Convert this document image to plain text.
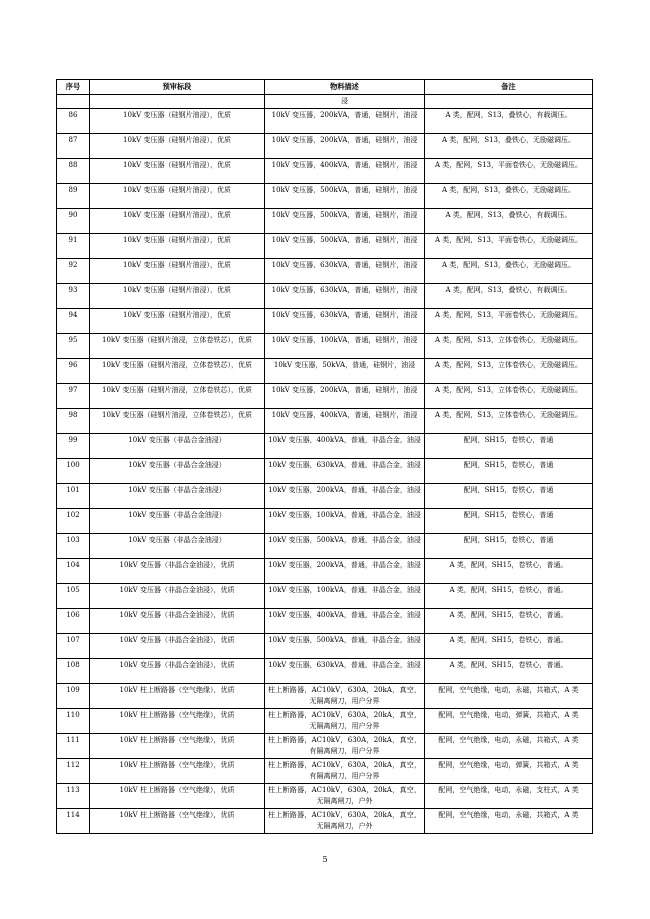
序号	预审标段	物料描述	备注
		浸	
86	10kV 变压器（硅钢片油浸），优质	10kV 变压器，200kVA，普通，硅钢片，油浸	A 类，配网，S13，叠铁心，有载调压。
87	10kV 变压器（硅钢片油浸），优质	10kV 变压器，200kVA，普通，硅钢片，油浸	A 类，配网，S13，叠铁心，无励磁调压。
88	10kV 变压器（硅钢片油浸），优质	10kV 变压器，400kVA，普通，硅钢片，油浸	A 类，配网，S13，平面卷铁心，无励磁调压。
89	10kV 变压器（硅钢片油浸），优质	10kV 变压器，500kVA，普通，硅钢片，油浸	A 类，配网，S13，叠铁心，无励磁调压。
90	10kV 变压器（硅钢片油浸），优质	10kV 变压器，500kVA，普通，硅钢片，油浸	A 类，配网，S13，叠铁心，有载调压。
91	10kV 变压器（硅钢片油浸），优质	10kV 变压器，500kVA，普通，硅钢片，油浸	A 类，配网，S13，平面卷铁心，无励磁调压。
92	10kV 变压器（硅钢片油浸），优质	10kV 变压器，630kVA，普通，硅钢片，油浸	A 类，配网，S13，叠铁心，无励磁调压。
93	10kV 变压器（硅钢片油浸），优质	10kV 变压器，630kVA，普通，硅钢片，油浸	A 类，配网，S13，叠铁心，有载调压。
94	10kV 变压器（硅钢片油浸），优质	10kV 变压器，630kVA，普通，硅钢片，油浸	A 类，配网，S13，平面卷铁心，无励磁调压。
95	10kV 变压器（硅钢片油浸，立体卷铁芯），优质	10kV 变压器，100kVA，普通，硅钢片，油浸	A 类，配网，S13，立体卷铁心，无励磁调压。
96	10kV 变压器（硅钢片油浸，立体卷铁芯），优质	10kV 变压器，50kVA，普通，硅钢片，油浸	A 类，配网，S13，立体卷铁心，无励磁调压。
97	10kV 变压器（硅钢片油浸，立体卷铁芯），优质	10kV 变压器，200kVA，普通，硅钢片，油浸	A 类，配网，S13，立体卷铁心，无励磁调压。
98	10kV 变压器（硅钢片油浸，立体卷铁芯），优质	10kV 变压器，400kVA，普通，硅钢片，油浸	A 类，配网，S13，立体卷铁心，无励磁调压。
99	10kV 变压器（非晶合金油浸）	10kV 变压器，400kVA，普通，非晶合金，油浸	配网，SH15，卷铁心，普通
100	10kV 变压器（非晶合金油浸）	10kV 变压器，630kVA，普通，非晶合金，油浸	配网，SH15，卷铁心，普通
101	10kV 变压器（非晶合金油浸）	10kV 变压器，200kVA，普通，非晶合金，油浸	配网，SH15，卷铁心，普通
102	10kV 变压器（非晶合金油浸）	10kV 变压器，100kVA，普通，非晶合金，油浸	配网，SH15，卷铁心，普通
103	10kV 变压器（非晶合金油浸）	10kV 变压器，500kVA，普通，非晶合金，油浸	配网，SH15，卷铁心，普通
104	10kV 变压器（非晶合金油浸），优质	10kV 变压器，200kVA，普通，非晶合金，油浸	A 类，配网，SH15，卷铁心，普通。
105	10kV 变压器（非晶合金油浸），优质	10kV 变压器，100kVA，普通，非晶合金，油浸	A 类，配网，SH15，卷铁心，普通。
106	10kV 变压器（非晶合金油浸），优质	10kV 变压器，400kVA，普通，非晶合金，油浸	A 类，配网，SH15，卷铁心，普通。
107	10kV 变压器（非晶合金油浸），优质	10kV 变压器，500kVA，普通，非晶合金，油浸	A 类，配网，SH15，卷铁心，普通。
108	10kV 变压器（非晶合金油浸），优质	10kV 变压器，630kVA，普通，非晶合金，油浸	A 类，配网，SH15，卷铁心，普通。
109	10kV 柱上断路器（空气绝缘），优质	柱上断路器，AC10kV，630A，20kA，真空，无隔离闸刀，用户分界	配网，空气绝缘，电动，永磁，共箱式，A 类
110	10kV 柱上断路器（空气绝缘），优质	柱上断路器，AC10kV，630A，20kA，真空，无隔离闸刀，用户分界	配网，空气绝缘，电动，弹簧，共箱式，A 类
111	10kV 柱上断路器（空气绝缘），优质	柱上断路器，AC10kV，630A，20kA，真空，有隔离闸刀，用户分界	配网，空气绝缘，电动，永磁，共箱式，A 类
112	10kV 柱上断路器（空气绝缘），优质	柱上断路器，AC10kV，630A，20kA，真空，有隔离闸刀，用户分界	配网，空气绝缘，电动，弹簧，共箱式，A 类
113	10kV 柱上断路器（空气绝缘），优质	柱上断路器，AC10kV，630A，20kA，真空，无隔离闸刀，户外	配网，空气绝缘，电动，永磁，支柱式，A 类
114	10kV 柱上断路器（空气绝缘），优质	柱上断路器，AC10kV，630A，20kA，真空，无隔离闸刀，户外	配网，空气绝缘，电动，永磁，共箱式，A 类
5
